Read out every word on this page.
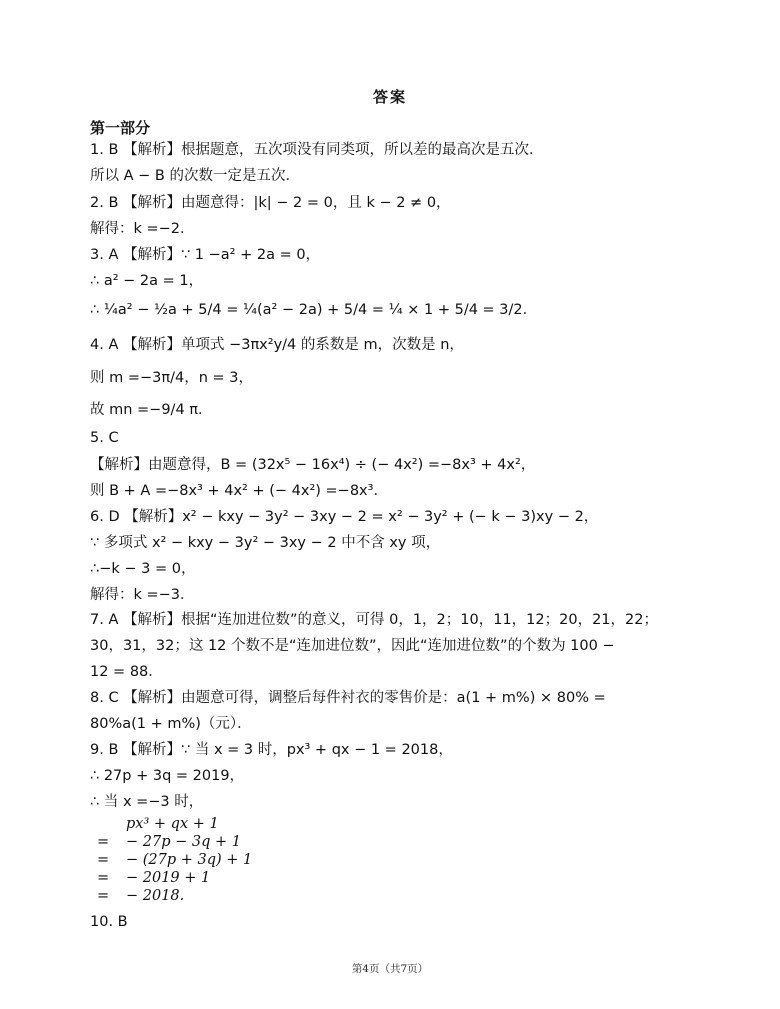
答案
第一部分
1. B 【解析】根据题意，五次项没有同类项，所以差的最高次是五次．
所以 A − B 的次数一定是五次．
2. B 【解析】由题意得：|k| − 2 = 0，且 k − 2 ≠ 0，
解得：k =−2．
3. A 【解析】∵ 1 −a² + 2a = 0，
∴ a² − 2a = 1，
∴ ¼a² − ½a + 5/4 = ¼(a² − 2a) + 5/4 = ¼ × 1 + 5/4 = 3/2．
4. A 【解析】单项式 −3πx²y/4 的系数是 m，次数是 n，
则 m =−3π/4，n = 3，
故 mn =−9/4 π．
5. C
【解析】由题意得，B = (32x⁵ − 16x⁴) ÷ (− 4x²) =−8x³ + 4x²，
则 B + A =−8x³ + 4x² + (− 4x²) =−8x³．
6. D 【解析】x² − kxy − 3y² − 3xy − 2 = x² − 3y² + (− k − 3)xy − 2，
∵ 多项式 x² − kxy − 3y² − 3xy − 2 中不含 xy 项，
∴−k − 3 = 0，
解得：k =−3．
7. A 【解析】根据“连加进位数”的意义，可得 0，1，2；10，11，12；20，21，22；
30，31，32；这 12 个数不是“连加进位数”，因此“连加进位数”的个数为 100 −
12 = 88．
8. C 【解析】由题意可得，调整后每件衬衣的零售价是：a(1 + m%) × 80% =
80%a(1 + m%)（元）．
9. B 【解析】∵ 当 x = 3 时，px³ + qx − 1 = 2018，
∴ 27p + 3q = 2019，
∴ 当 x =−3 时，
px³ + qx + 1
= − 27p − 3q + 1
= − (27p + 3q) + 1
= − 2019 + 1
= − 2018.
10. B
第4页（共7页）
